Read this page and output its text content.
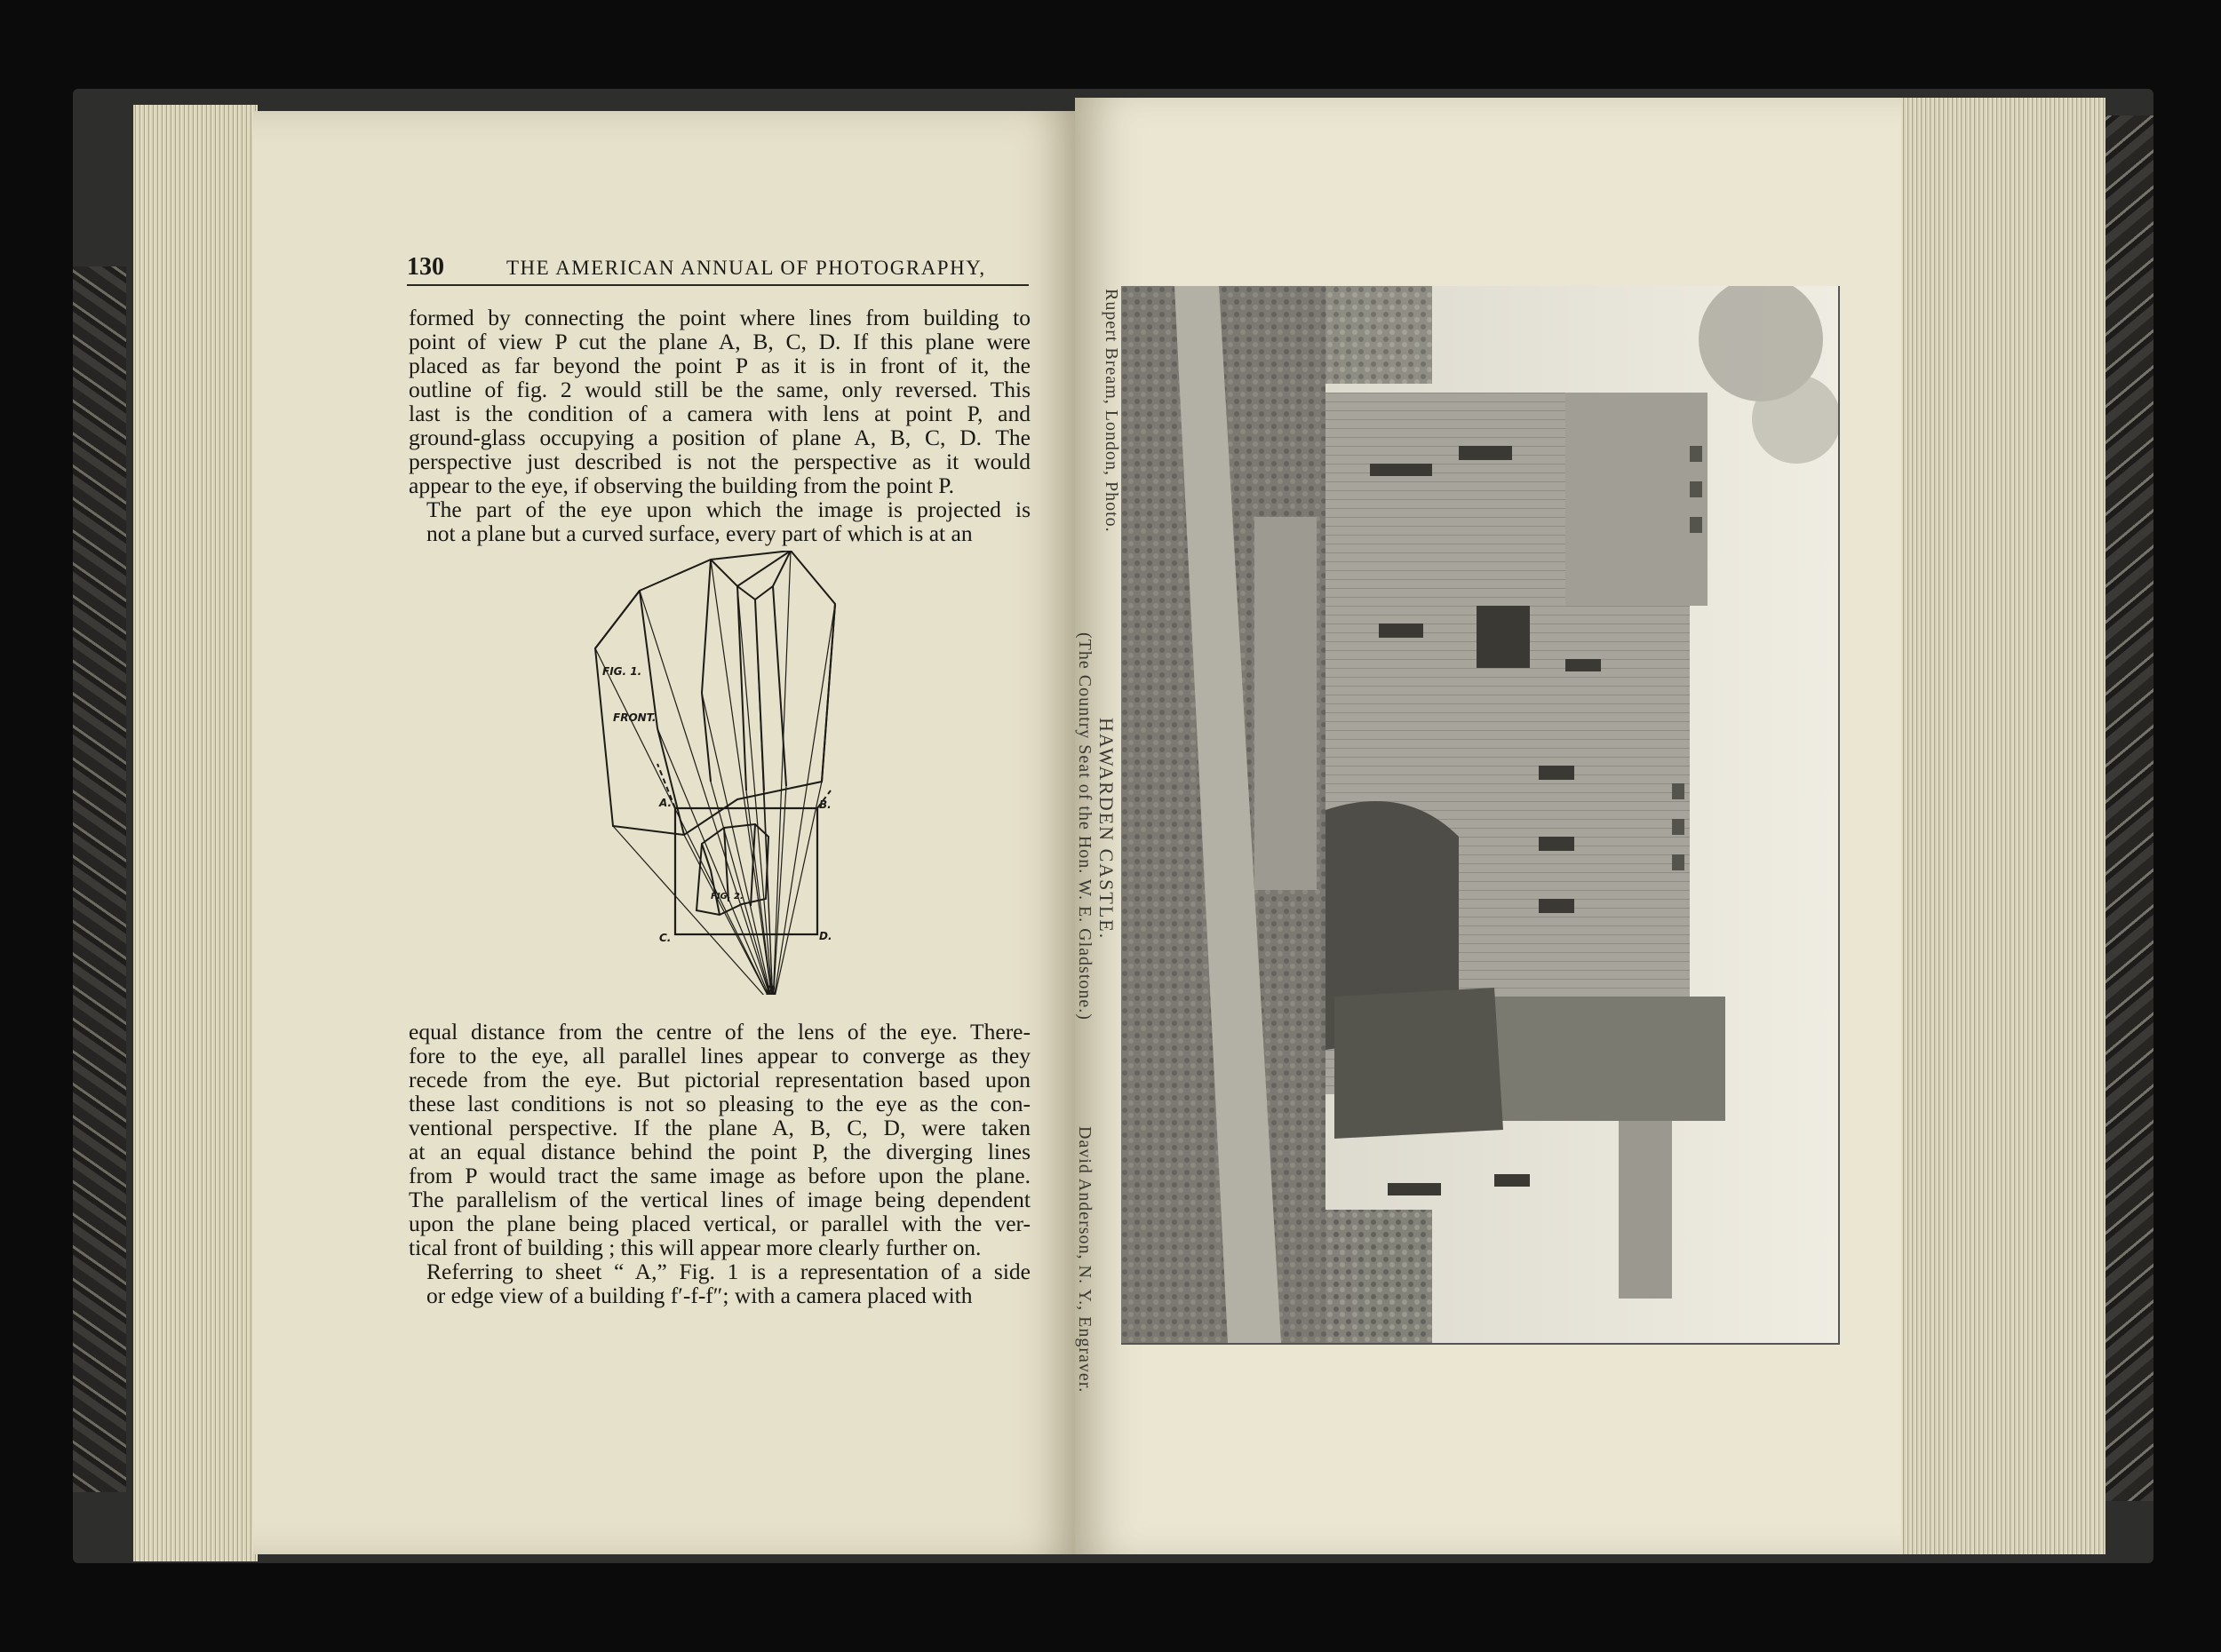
130	THE AMERICAN ANNUAL OF PHOTOGRAPHY,

formed by connecting the point where lines from building to
point of view P cut the plane A, B, C, D. If this plane were
placed as far beyond the point P as it is in front of it, the
outline of fig. 2 would still be the same, only reversed. This
last is the condition of a camera with lens at point P, and
ground-glass occupying a position of plane A, B, C, D. The
perspective just described is not the perspective as it would
appear to the eye, if observing the building from the point P.

The part of the eye upon which the image is projected is
not a plane but a curved surface, every part of which is at an

FIG. 1.
FRONT.
FIG. 2.
A.	B.
C.	D.
P.

equal distance from the centre of the lens of the eye. There-
fore to the eye, all parallel lines appear to converge as they
recede from the eye. But pictorial representation based upon
these last conditions is not so pleasing to the eye as the con-
ventional perspective. If the plane A, B, C, D, were taken
at an equal distance behind the point P, the diverging lines
from P would tract the same image as before upon the plane.
The parallelism of the vertical lines of image being dependent
upon the plane being placed vertical, or parallel with the ver-
tical front of building ; this will appear more clearly further on.

Referring to sheet “ A,” Fig. 1 is a representation of a side
or edge view of a building f′-f-f″; with a camera placed with

Rupert Bream, London, Photo.
HAWARDEN CASTLE.
(The Country Seat of the Hon. W. E. Gladstone.)
David Anderson, N. Y., Engraver.
